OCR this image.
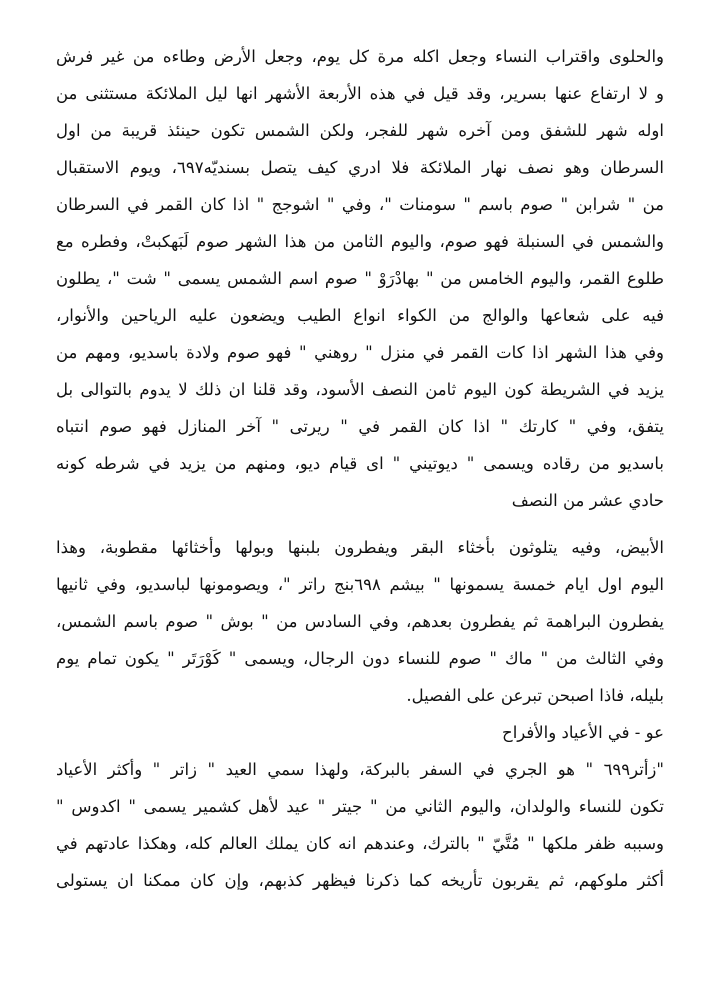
والحلوى واقتراب النساء وجعل اكله مرة كل يوم، وجعل الأرض وطاءه من غير فرش
و لا ارتفاع عنها بسرير، وقد قيل في هذه الأربعة الأشهر انها ليل الملائكة مستثنى من
اوله شهر للشفق ومن آخره شهر للفجر، ولكن الشمس تكون حينئذ قريبة من اول
السرطان وهو نصف نهار الملائكة فلا ادري كيف يتصل بسنديّه٦٩٧، ويوم الاستقبال
من " شرابن " صوم باسم " سومنات "، وفي " اشوجج " اذا كان القمر في السرطان
والشمس في السنبلة فهو صوم، واليوم الثامن من هذا الشهر صوم لَبَهكبتْ، وفطره مع
طلوع القمر، واليوم الخامس من " بهادْرَوْ " صوم اسم الشمس يسمى " شت "، يطلون
فيه على شعاعها والوالج من الكواء انواع الطيب ويضعون عليه الرياحين والأنوار،
وفي هذا الشهر اذا كات القمر في منزل " روهني " فهو صوم ولادة باسديو، ومهم من
يزيد في الشريطة كون اليوم ثامن النصف الأسود، وقد قلنا ان ذلك لا يدوم بالتوالى بل
يتفق، وفي " كارتك " اذا كان القمر في " ريرتى " آخر المنازل فهو صوم انتباه
باسديو من رقاده ويسمى " ديوتيني " اى قيام ديو، ومنهم من يزيد في شرطه كونه
حادي عشر من النصف
الأبيض، وفيه يتلوثون بأخثاء البقر ويفطرون بلبنها وبولها وأخثائها مقطوبة، وهذا
اليوم اول ايام خمسة يسمونها " بيشم ٦٩٨بنج راتر "، ويصومونها لباسديو، وفي ثانيها
يفطرون البراهمة ثم يفطرون بعدهم، وفي السادس من " بوش " صوم باسم الشمس،
وفي الثالث من " ماك " صوم للنساء دون الرجال، ويسمى " كَوْرَتَر " يكون تمام يوم
بليله، فاذا اصبحن تبرعن على الفصيل.
عو - في الأعياد والأفراح
"زأتر٦٩٩ " هو الجري في السفر بالبركة، ولهذا سمي العيد " زاتر " وأكثر الأعياد
تكون للنساء والولدان، واليوم الثاني من " جيتر " عيد لأهل كشمير يسمى " اكدوس "
وسببه ظفر ملكها " مُتَّيّ " بالترك، وعندهم انه كان يملك العالم كله، وهكذا عادتهم في
أكثر ملوكهم، ثم يقربون تأريخه كما ذكرنا فيظهر كذبهم، وإن كان ممكنا ان يستولى
